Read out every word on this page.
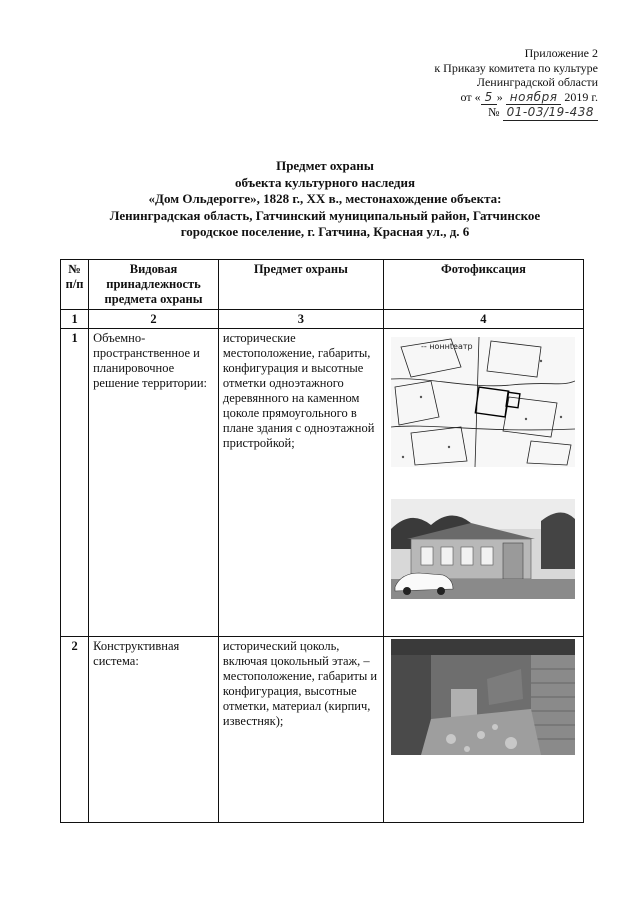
Приложение 2
к Приказу комитета по культуре
Ленинградской области
от « 5 » ноября 2019 г.
№ 01-03/19-438
Предмет охраны
объекта культурного наследия
«Дом Ольдерогге», 1828 г., XX в., местонахождение объекта:
Ленинградская область, Гатчинский муниципальный район, Гатчинское
городское поселение, г. Гатчина, Красная ул., д. 6
№ п/п	Видовая принадлежность предмета охраны	Предмет охраны	Фотофиксация
1	2	3	4
1	Объемно-пространственное и планировочное решение территории:	исторические местоположение, габариты, конфигурация и высотные отметки одноэтажного деревянного на каменном цоколе прямоугольного в плане здания с одноэтажной пристройкой;	-- ноннtеатр

2	Конструктивная система:	исторический цоколь, включая цокольный этаж, – местоположение, габариты и конфигурация, высотные отметки, материал (кирпич, известняк);	
